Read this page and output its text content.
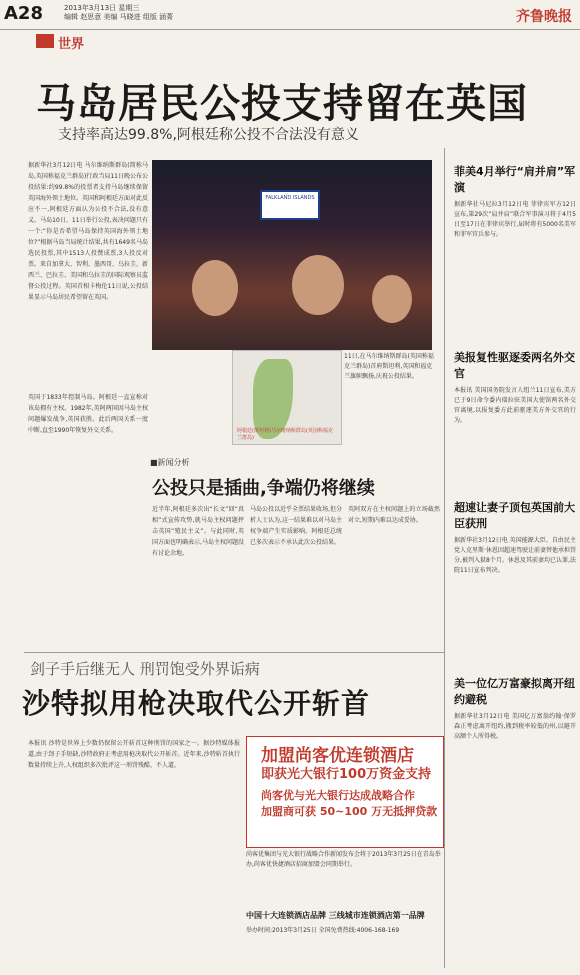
A28	2013年3月13日 星期三
编辑 赵思意 美编 马晓进 组版 涵菁	齐鲁晚报
世界
马岛居民公投支持留在英国
支持率高达99.8%,阿根廷称公投不合法没有意义
据新华社3月12日电 马尔维纳斯群岛(简称马岛,英国称福克兰群岛)行政当局11日晚公布公投结果:约99.8%的投票者支持马岛继续保留英国海外领土地位。英国和阿根廷方面对此反应不一,阿根廷方面认为公投不合法,没有意义。马岛10日、11日举行公投,表决问题只有一个:“你是否希望马岛保持英国海外领土地位?”根据马岛当局统计结果,共有1649名马岛选民投票,其中1513人投赞成票,3人投反对票。来自加拿大、智利、墨西哥、乌拉圭、新西兰、巴拉圭、美国和乌拉圭的国际观察员监督公投过程。英国首相卡梅伦11日说,公投结果显示马岛居民希望留在英国。
英国于1833年控制马岛。阿根廷一直宣称对该岛拥有主权。1982年,英阿两国因马岛主权问题爆发战争,英国获胜。此后两国关系一度中断,直至1990年恢复外交关系。
FALKLAND ISLANDS
阿根廷(斯坦利)马尔维纳斯群岛(英国称福克兰群岛)
11日,在马尔维纳斯群岛(英国称福克兰群岛)首府斯坦利,英国和福克兰旗帜飘扬,庆祝公投结果。
■新闻分析
公投只是插曲,争端仍将继续
近半年,阿根廷多次出“长文”回“真相”式宣传攻势,就马岛主权问题抨击英国“殖民主义”。与此同时,英国方面也明确表示,马岛主权问题没有讨论余地。
马岛公投以近乎全票结果收场,但分析人士认为,这一结果难以对马岛主权争端产生实质影响。阿根廷总统已多次表示不承认此次公投结果。
英阿双方在主权问题上的立场截然对立,短期内难以达成妥协。
剑子手后继无人 刑罚饱受外界诟病
沙特拟用枪决取代公开斩首
本报讯 沙特是世界上少数仍保留公开斩首这种刑罚的国家之一。据沙特媒体报道,由于刽子手短缺,沙特政府正考虑用枪决取代公开斩首。近年来,沙特斩首执行数量持续上升,人权组织多次批评这一刑罚残酷、不人道。	加盟尚客优连锁酒店
即获光大银行100万资金支持
尚客优与光大银行达成战略合作
加盟商可获 50~100 万无抵押贷款
尚客优集团与光大银行战略合作新闻发布会将于2013年3月25日在青岛举办,尚客优快捷酒店招商加盟会同期举行。
中国十大连锁酒店品牌 三线城市连锁酒店第一品牌
举办时间:2013年3月25日 全国免费热线:4006-168-169
菲美4月举行“肩并肩”军演
据新华社马尼拉3月12日电 菲律宾军方12日宣布,第29次“肩并肩”联合军事演习将于4月5日至17日在菲律宾举行,届时将有5000名美军和菲军官兵参与。
美报复性驱逐委两名外交官
本报讯 美国国务院发言人纽兰11日宣布,美方已于9日命令委内瑞拉驻美国大使馆两名外交官离境,以报复委方此前驱逐美方外交官的行为。
超速让妻子顶包英国前大臣获刑
据新华社3月12日电 英国能源大臣、自由民主党人克里斯·休恩因超速驾驶让前妻替他承担罚分,被判入狱8个月。休恩及其前妻均已认罪,法院11日宣布判决。
美一位亿万富豪拟离开纽约避税
据新华社3月12日电 美国亿万富翁约翰·保罗森正考虑离开纽约,搬到税率较低的州,以避开高额个人所得税。
